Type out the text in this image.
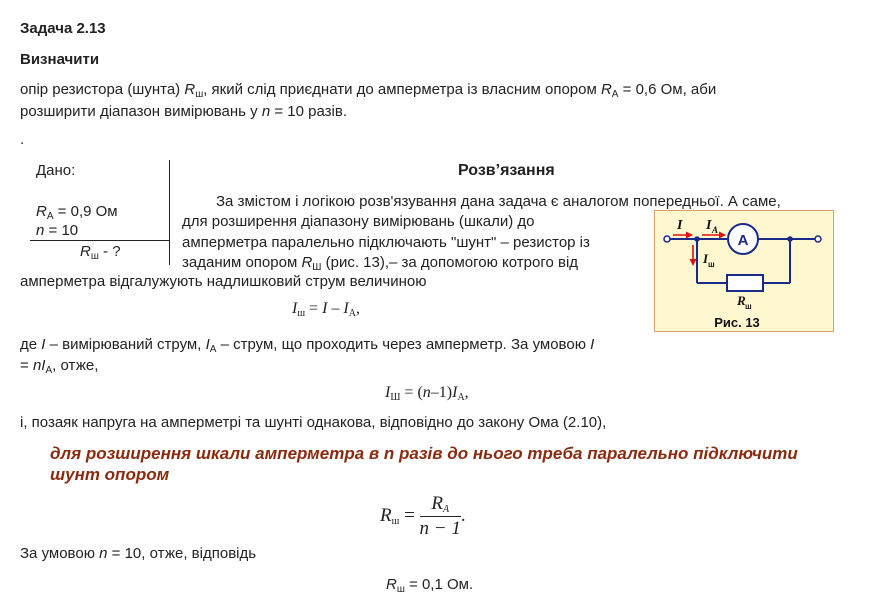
Задача 2.13
Визначити
опір резистора (шунта) $R_ш$, який слід приєднати до амперметра із власним опором $R_А = 0,6$ Ом, аби
розширити діапазон вимірювань у n = 10 разів.
.
Дано:
$R_А = 0,9$ Ом
n = 10
$R_ш$ - ?
Розв’язання
За змістом і логікою розв'язування дана задача є аналогом попередньої. А саме,
для розширення діапазону вимірювань (шкали) до
амперметра паралельно підключають "шунт" – резистор із
заданим опором $R_Ш$ (рис. 13),– за допомогою котрого від
амперметра відгалужують надлишковий струм величиною
$I_ш = I - I_А$,
де I – вимірюваний струм, $I_А$ – струм, що проходить через амперметр. За умовою I
= $nI_А$, отже,
$I_Ш = (n-1)I_А$,
і, позаяк напруга на амперметрі та шунті однакова, відповідно до закону Ома (2.10),
для розширення шкали амперметра в n разів до нього треба паралельно підключити
шунт опором
$R_ш = \frac{R_A}{n - 1}$ .
За умовою n = 10, отже, відповідь
$R_ш = 0,1$ Ом.
A
I I A
I ш
R ш
Рис. 13
